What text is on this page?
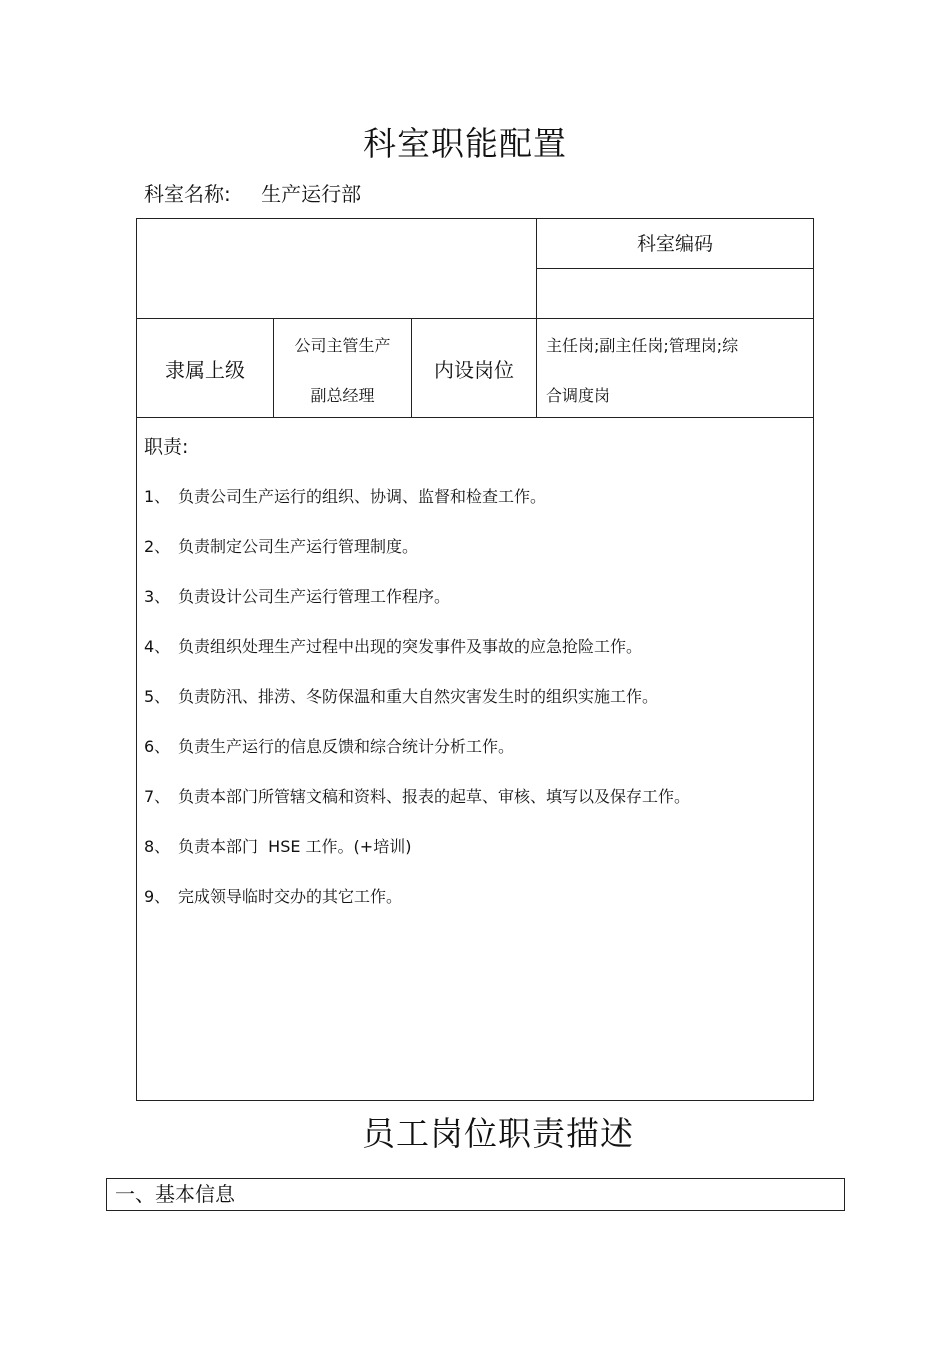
科室职能配置
科室名称: 生产运行部
科室编码
隶属上级
公司主管生产
副总经理
内设岗位
主任岗;副主任岗;管理岗;综
合调度岗
职责:
1、 负责公司生产运行的组织、协调、监督和检查工作。
2、 负责制定公司生产运行管理制度。
3、 负责设计公司生产运行管理工作程序。
4、 负责组织处理生产过程中出现的突发事件及事故的应急抢险工作。
5、 负责防汛、排涝、冬防保温和重大自然灾害发生时的组织实施工作。
6、 负责生产运行的信息反馈和综合统计分析工作。
7、 负责本部门所管辖文稿和资料、报表的起草、审核、填写以及保存工作。
8、 负责本部门  HSE 工作。(+培训)
9、 完成领导临时交办的其它工作。
员工岗位职责描述
一、基本信息
